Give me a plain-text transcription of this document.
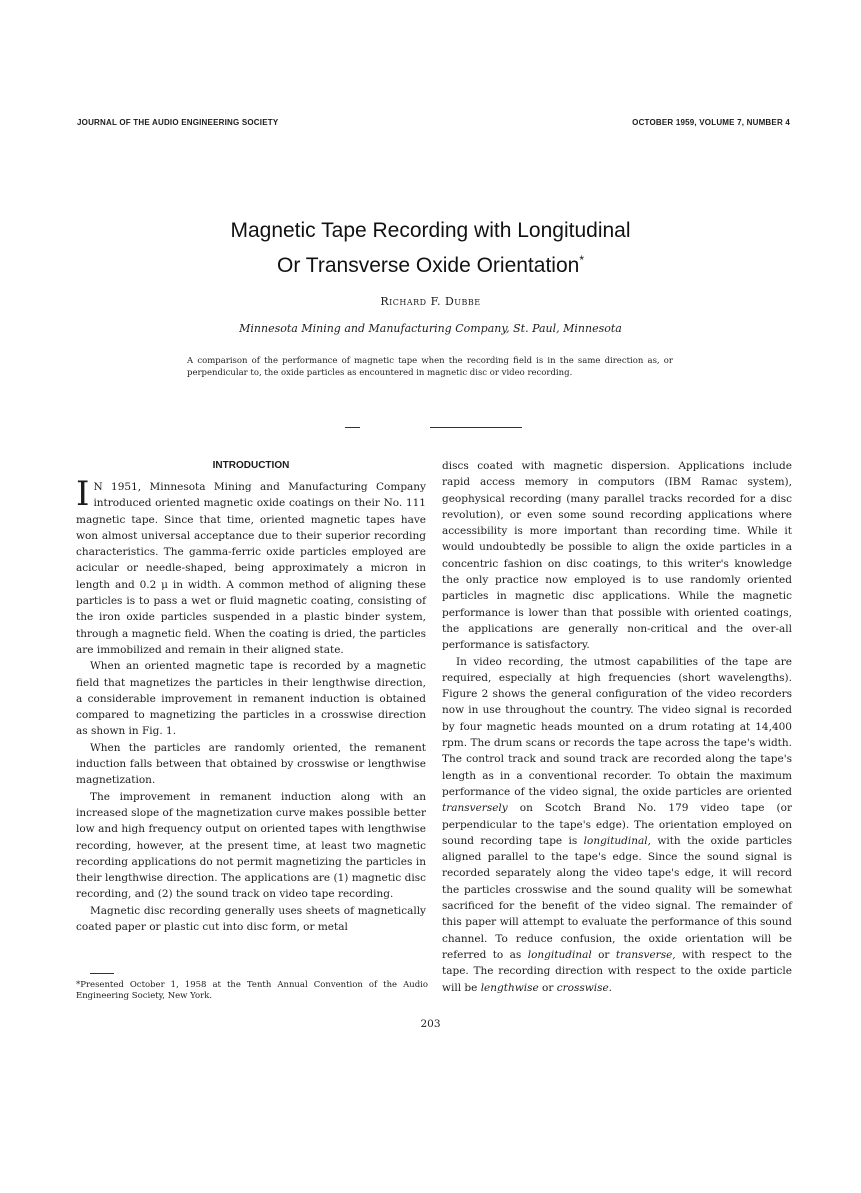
JOURNAL OF THE AUDIO ENGINEERING SOCIETY	OCTOBER 1959, VOLUME 7, NUMBER 4
Magnetic Tape Recording with Longitudinal
Or Transverse Oxide Orientation*
Richard F. Dubbe
Minnesota Mining and Manufacturing Company, St. Paul, Minnesota

A comparison of the performance of magnetic tape when the recording field is in the same direction as, or perpendicular to, the oxide particles as encountered in magnetic disc or video recording.

INTRODUCTION

I N 1951, Minnesota Mining and Manufacturing Company introduced oriented magnetic oxide coatings on their No. 111 magnetic tape. Since that time, oriented magnetic tapes have won almost universal acceptance due to their superior recording characteristics. The gamma-ferric oxide particles employed are acicular or needle-shaped, being approximately a micron in length and 0.2 μ in width. A common method of aligning these particles is to pass a wet or fluid magnetic coating, consisting of the iron oxide particles suspended in a plastic binder system, through a magnetic field. When the coating is dried, the particles are immobilized and remain in their aligned state.

When an oriented magnetic tape is recorded by a magnetic field that magnetizes the particles in their lengthwise direction, a considerable improvement in remanent induction is obtained compared to magnetizing the particles in a crosswise direction as shown in Fig. 1.

When the particles are randomly oriented, the remanent induction falls between that obtained by crosswise or lengthwise magnetization.

The improvement in remanent induction along with an increased slope of the magnetization curve makes possible better low and high frequency output on oriented tapes with lengthwise recording, however, at the present time, at least two magnetic recording applications do not permit magnetizing the particles in their lengthwise direction. The applications are (1) magnetic disc recording, and (2) the sound track on video tape recording.

Magnetic disc recording generally uses sheets of magnetically coated paper or plastic cut into disc form, or metal

discs coated with magnetic dispersion. Applications include rapid access memory in computors (IBM Ramac system), geophysical recording (many parallel tracks recorded for a disc revolution), or even some sound recording applications where accessibility is more important than recording time. While it would undoubtedly be possible to align the oxide particles in a concentric fashion on disc coatings, to this writer's knowledge the only practice now employed is to use randomly oriented particles in magnetic disc applications. While the magnetic performance is lower than that possible with oriented coatings, the applications are generally non-critical and the over-all performance is satisfactory.

In video recording, the utmost capabilities of the tape are required, especially at high frequencies (short wavelengths). Figure 2 shows the general configuration of the video recorders now in use throughout the country. The video signal is recorded by four magnetic heads mounted on a drum rotating at 14,400 rpm. The drum scans or records the tape across the tape's width. The control track and sound track are recorded along the tape's length as in a conventional recorder. To obtain the maximum performance of the video signal, the oxide particles are oriented transversely on Scotch Brand No. 179 video tape (or perpendicular to the tape's edge). The orientation employed on sound recording tape is longitudinal, with the oxide particles aligned parallel to the tape's edge. Since the sound signal is recorded separately along the video tape's edge, it will record the particles crosswise and the sound quality will be somewhat sacrificed for the benefit of the video signal. The remainder of this paper will attempt to evaluate the performance of this sound channel. To reduce confusion, the oxide orientation will be referred to as longitudinal or transverse, with respect to the tape. The recording direction with respect to the oxide particle will be lengthwise or crosswise.

*Presented October 1, 1958 at the Tenth Annual Convention of the Audio Engineering Society, New York.

203
